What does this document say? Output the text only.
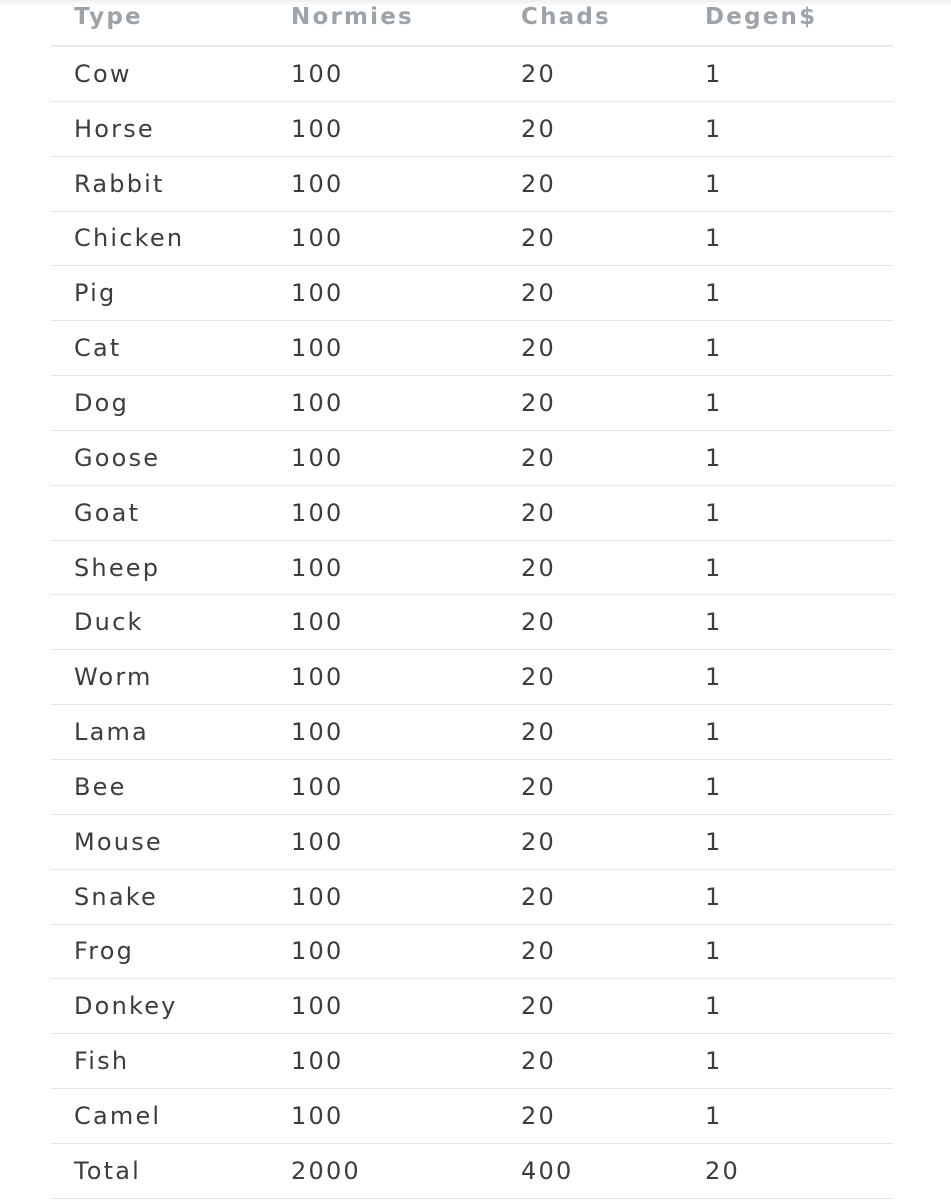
Type	Normies	Chads	Degen$
Cow	100	20	1
Horse	100	20	1
Rabbit	100	20	1
Chicken	100	20	1
Pig	100	20	1
Cat	100	20	1
Dog	100	20	1
Goose	100	20	1
Goat	100	20	1
Sheep	100	20	1
Duck	100	20	1
Worm	100	20	1
Lama	100	20	1
Bee	100	20	1
Mouse	100	20	1
Snake	100	20	1
Frog	100	20	1
Donkey	100	20	1
Fish	100	20	1
Camel	100	20	1
Total	2000	400	20
